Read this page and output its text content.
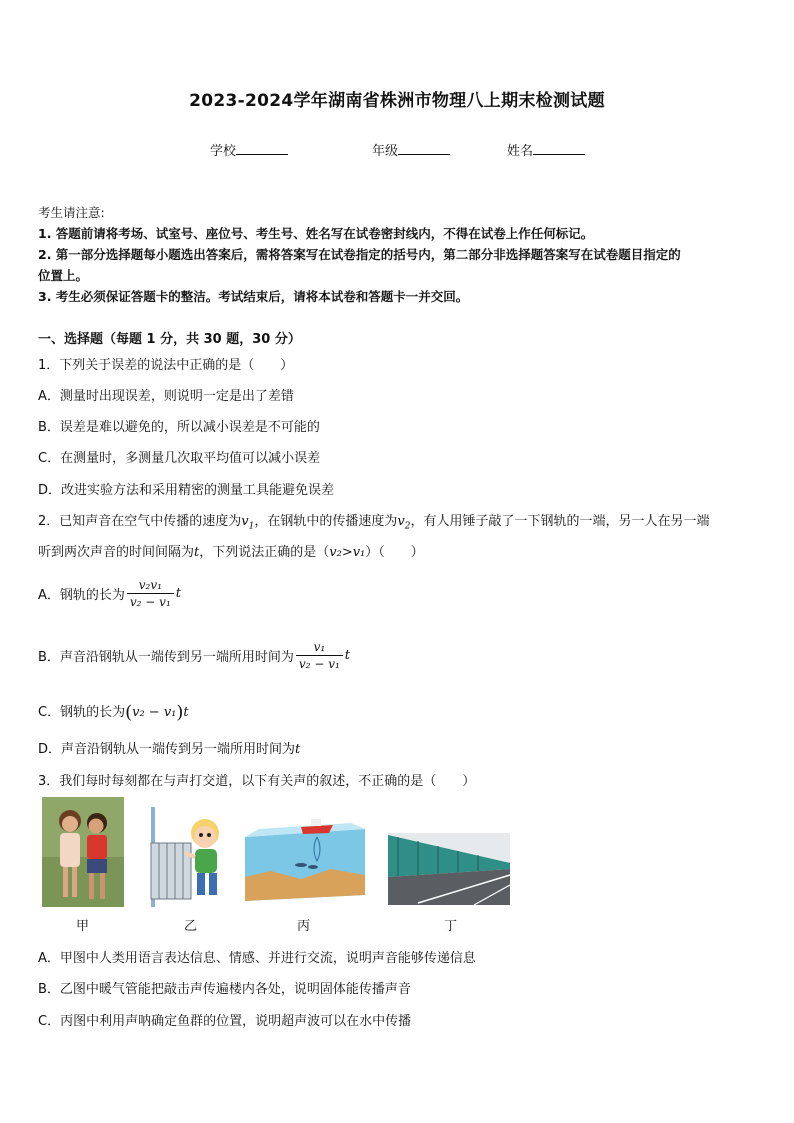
2023-2024学年湖南省株洲市物理八上期末检测试题
学校	年级	姓名
考生请注意:
1. 答题前请将考场、试室号、座位号、考生号、姓名写在试卷密封线内，不得在试卷上作任何标记。
2. 第一部分选择题每小题选出答案后，需将答案写在试卷指定的括号内，第二部分非选择题答案写在试卷题目指定的
位置上。
3. 考生必须保证答题卡的整洁。考试结束后，请将本试卷和答题卡一并交回。
一、选择题（每题 1 分，共 30 题，30 分）
1．下列关于误差的说法中正确的是（　　）
A．测量时出现误差，则说明一定是出了差错
B．误差是难以避免的，所以减小误差是不可能的
C．在测量时，多测量几次取平均值可以减小误差
D．改进实验方法和采用精密的测量工具能避免误差
2．已知声音在空气中传播的速度为$v_1$，在钢轨中的传播速度为$v_2$，有人用锤子敲了一下钢轨的一端，另一人在另一端
听到两次声音的时间间隔为t，下列说法正确的是（v₂>v₁）（　　）
A．钢轨的长为 $\frac{\text{v₂v₁}}{\text{v₂ − v₁}}$ t
B．声音沿钢轨从一端传到另一端所用时间为 $\frac{\text{v₁}}{\text{v₂ − v₁}}$ t
C．钢轨的长为(v₂ − v₁)t
D．声音沿钢轨从一端传到另一端所用时间为t
3．我们每时每刻都在与声打交道，以下有关声的叙述，不正确的是（　　）
甲	乙	丙	丁
A．甲图中人类用语言表达信息、情感、并进行交流，说明声音能够传递信息
B．乙图中暖气管能把敲击声传遍楼内各处，说明固体能传播声音
C．丙图中利用声呐确定鱼群的位置，说明超声波可以在水中传播
